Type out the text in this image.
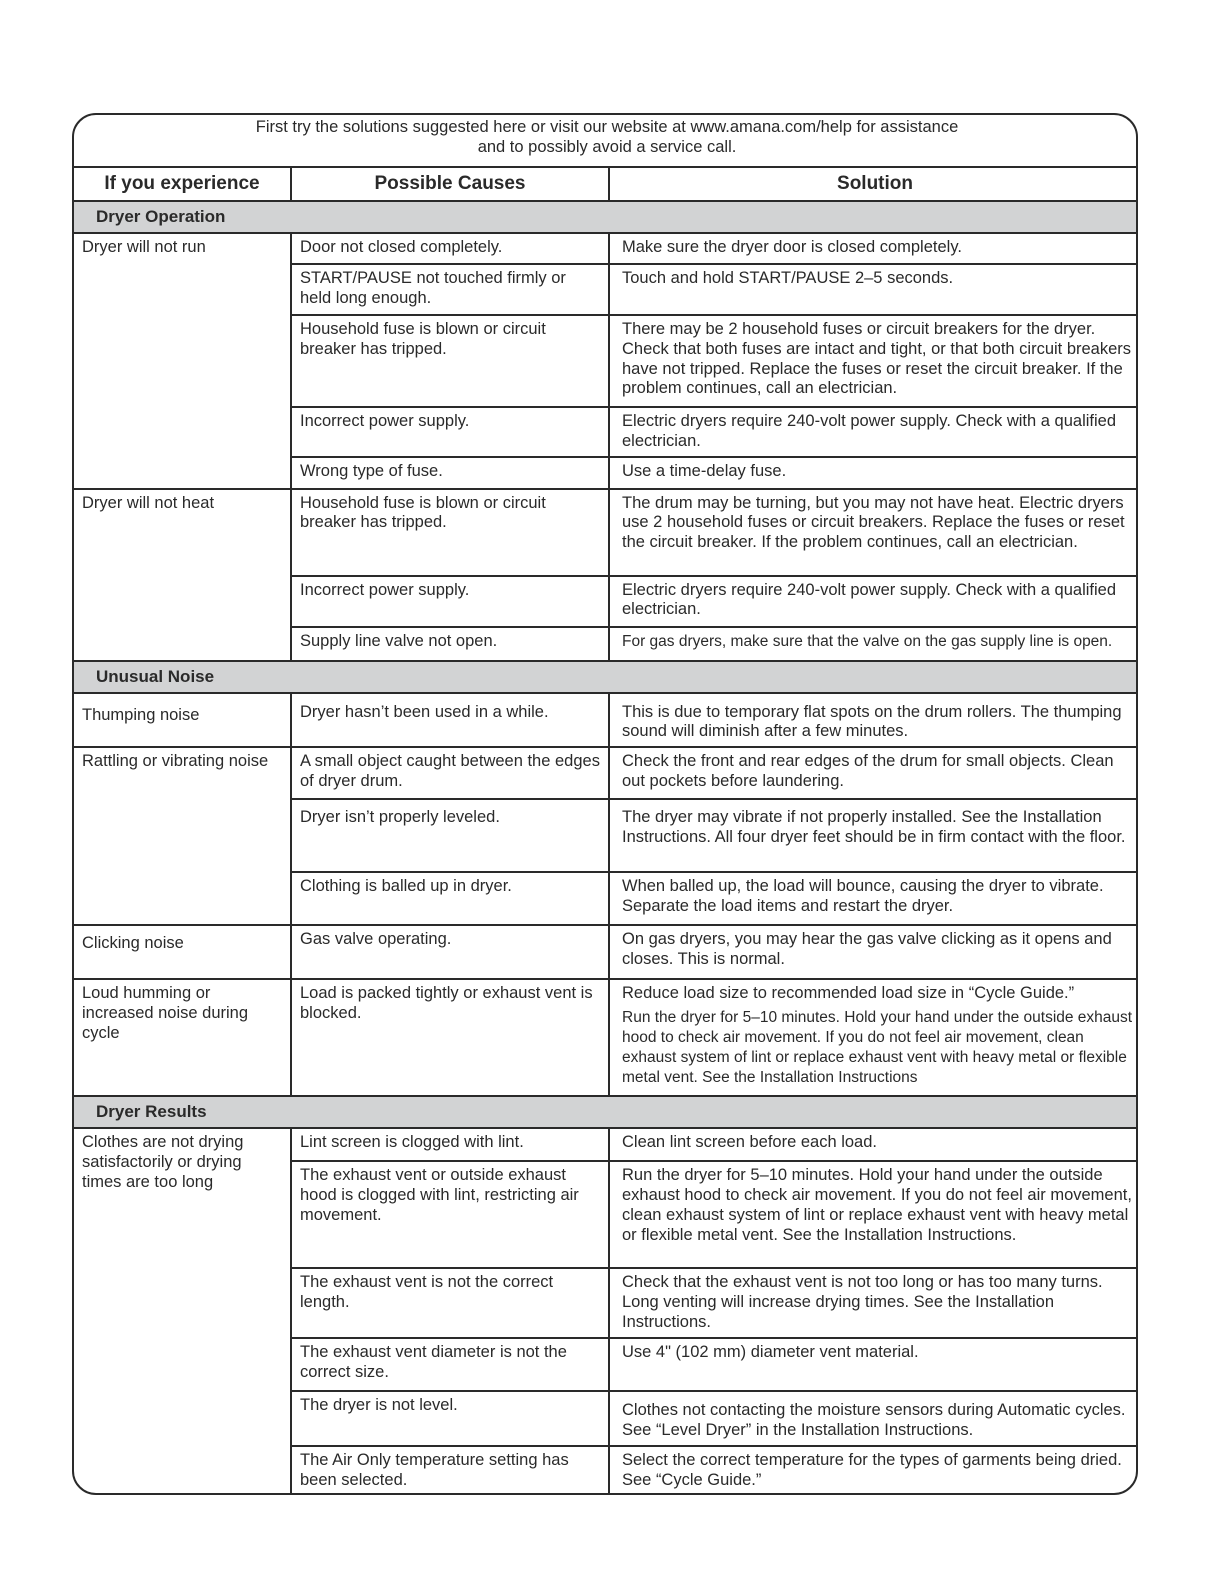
First try the solutions suggested here or visit our website at www.amana.com/help for assistance
and to possibly avoid a service call.		

If you experience	Possible Causes	Solution
Dryer Operation		
Dryer will not run	Door not closed completely.	Make sure the dryer door is closed completely.
	START/PAUSE not touched firmly or held long enough.	Touch and hold START/PAUSE 2–5 seconds.
	Household fuse is blown or circuit breaker has tripped.	There may be 2 household fuses or circuit breakers for the dryer. Check that both fuses are intact and tight, or that both circuit breakers have not tripped. Replace the fuses or reset the circuit breaker. If the problem continues, call an electrician.
	Incorrect power supply.	Electric dryers require 240-volt power supply. Check with a qualified electrician.
	Wrong type of fuse.	Use a time-delay fuse.
Dryer will not heat	Household fuse is blown or circuit breaker has tripped.	The drum may be turning, but you may not have heat. Electric dryers use 2 household fuses or circuit breakers. Replace the fuses or reset the circuit breaker. If the problem continues, call an electrician.
	Incorrect power supply.	Electric dryers require 240-volt power supply. Check with a qualified electrician.
	Supply line valve not open.	For gas dryers, make sure that the valve on the gas supply line is open.
Unusual Noise		
Thumping noise	Dryer hasn’t been used in a while.	This is due to temporary flat spots on the drum rollers. The thumping sound will diminish after a few minutes.
Rattling or vibrating noise	A small object caught between the edges of dryer drum.	Check the front and rear edges of the drum for small objects. Clean out pockets before laundering.
	Dryer isn’t properly leveled.	The dryer may vibrate if not properly installed. See the Installation Instructions. All four dryer feet should be in firm contact with the floor.
	Clothing is balled up in dryer.	When balled up, the load will bounce, causing the dryer to vibrate. Separate the load items and restart the dryer.
Clicking noise	Gas valve operating.	On gas dryers, you may hear the gas valve clicking as it opens and closes. This is normal.
Loud humming or increased noise during cycle	Load is packed tightly or exhaust vent is blocked.	Reduce load size to recommended load size in “Cycle Guide.”
Run the dryer for 5–10 minutes. Hold your hand under the outside exhaust hood to check air movement. If you do not feel air movement, clean exhaust system of lint or replace exhaust vent with heavy metal or flexible metal vent. See the Installation Instructions

Dryer Results		
Clothes are not drying satisfactorily or drying times are too long	Lint screen is clogged with lint.	Clean lint screen before each load.
	The exhaust vent or outside exhaust hood is clogged with lint, restricting air movement.	Run the dryer for 5–10 minutes. Hold your hand under the outside exhaust hood to check air movement. If you do not feel air movement, clean exhaust system of lint or replace exhaust vent with heavy metal or flexible metal vent. See the Installation Instructions.
	The exhaust vent is not the correct length.	Check that the exhaust vent is not too long or has too many turns. Long venting will increase drying times. See the Installation Instructions.
	The exhaust vent diameter is not the correct size.	Use 4" (102 mm) diameter vent material.
	The dryer is not level.	Clothes not contacting the moisture sensors during Automatic cycles. See “Level Dryer” in the Installation Instructions.
	The Air Only temperature setting has been selected.	Select the correct temperature for the types of garments being dried. See “Cycle Guide.”
